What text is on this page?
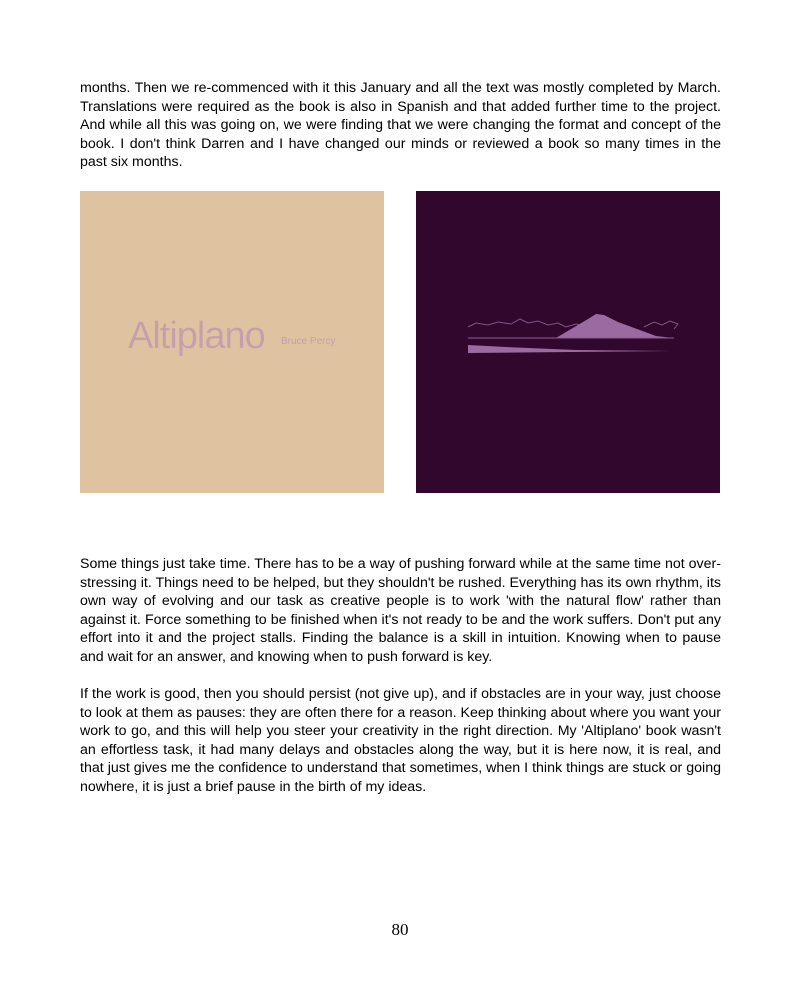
months. Then we re-commenced with it this January and all the text was mostly completed by March. Translations were required as the book is also in Spanish and that added further time to the project. And while all this was going on, we were finding that we were changing the format and concept of the book. I don't think Darren and I have changed our minds or reviewed a book so many times in the past six months.

Altiplano Bruce Percy

Some things just take time. There has to be a way of pushing forward while at the same time not over-stressing it. Things need to be helped, but they shouldn't be rushed. Everything has its own rhythm, its own way of evolving and our task as creative people is to work 'with the natural flow' rather than against it. Force something to be finished when it's not ready to be and the work suffers. Don't put any effort into it and the project stalls. Finding the balance is a skill in intuition. Knowing when to pause and wait for an answer, and knowing when to push forward is key.

If the work is good, then you should persist (not give up), and if obstacles are in your way, just choose to look at them as pauses: they are often there for a reason. Keep thinking about where you want your work to go, and this will help you steer your creativity in the right direction. My 'Altiplano' book wasn't an effortless task, it had many delays and obstacles along the way, but it is here now, it is real, and that just gives me the confidence to understand that sometimes, when I think things are stuck or going nowhere, it is just a brief pause in the birth of my ideas.

80
